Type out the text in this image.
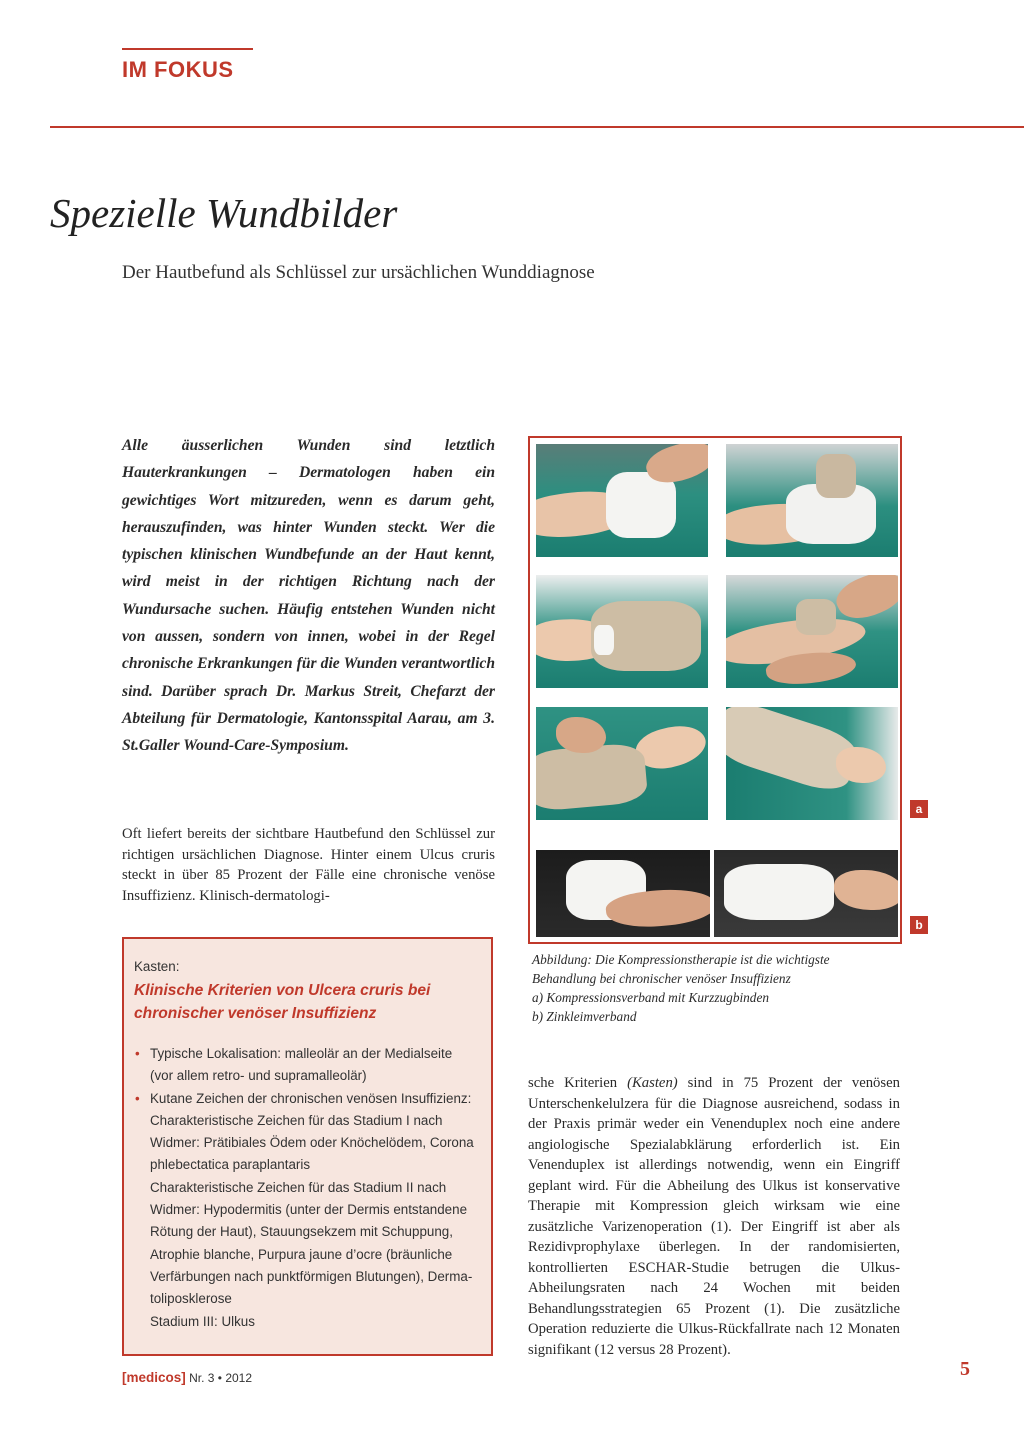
IM FOKUS
Spezielle Wundbilder
Der Hautbefund als Schlüssel zur ursächlichen Wunddiagnose
Alle äusserlichen Wunden sind letztlich Hauterkrankungen – Dermatologen haben ein gewichtiges Wort mitzureden, wenn es darum geht, herauszufinden, was hinter Wunden steckt. Wer die typischen klinischen Wundbefunde an der Haut kennt, wird meist in der richtigen Richtung nach der Wundursache suchen. Häufig entstehen Wunden nicht von aussen, sondern von innen, wobei in der Regel chronische Erkrankungen für die Wunden verantwortlich sind. Darüber sprach Dr. Markus Streit, Chefarzt der Abteilung für Dermatologie, Kantonsspital Aarau, am 3. St.Galler Wound-Care-Symposium.
Oft liefert bereits der sichtbare Hautbefund den Schlüssel zur richtigen ursächlichen Diagnose. Hinter einem Ulcus cruris steckt in über 85 Prozent der Fälle eine chronische venöse Insuffizienz. Klinisch-dermatologi-
Kasten:
Klinische Kriterien von Ulcera cruris bei chronischer venöser Insuffizienz
• Typische Lokalisation: malleolär an der Medialseite
(vor allem retro- und supramalleolär)
• Kutane Zeichen der chronischen venösen Insuffizienz:
Charakteristische Zeichen für das Stadium I nach
Widmer: Prätibiales Ödem oder Knöchelödem, Corona
phlebectatica paraplantaris
Charakteristische Zeichen für das Stadium II nach
Widmer: Hypodermitis (unter der Dermis entstandene
Rötung der Haut), Stauungsekzem mit Schuppung,
Atrophie blanche, Purpura jaune d’ocre (bräunliche
Verfärbungen nach punktförmigen Blutungen), Derma-
toliposklerose
Stadium III: Ulkus
a
b
Abbildung: Die Kompressionstherapie ist die wichtigste
Behandlung bei chronischer venöser Insuffizienz
a) Kompressionsverband mit Kurzzugbinden
b) Zinkleimverband
sche Kriterien (Kasten) sind in 75 Prozent der venösen Unterschenkelulzera für die Diagnose ausreichend, sodass in der Praxis primär weder ein Venenduplex noch eine andere angiologische Spezialabklärung erforderlich ist. Ein Venenduplex ist allerdings notwendig, wenn ein Eingriff geplant wird. Für die Abheilung des Ulkus ist konservative Therapie mit Kompression gleich wirksam wie eine zusätzliche Varizenoperation (1). Der Eingriff ist aber als Rezidivprophylaxe überlegen. In der randomisierten, kontrollierten ESCHAR-Studie betrugen die Ulkus-Abheilungsraten nach 24 Wochen mit beiden Behandlungsstrategien 65 Prozent (1). Die zusätzliche Operation reduzierte die Ulkus-Rückfallrate nach 12 Monaten signifikant (12 versus 28 Prozent).
[medicos] Nr. 3 • 2012	5
